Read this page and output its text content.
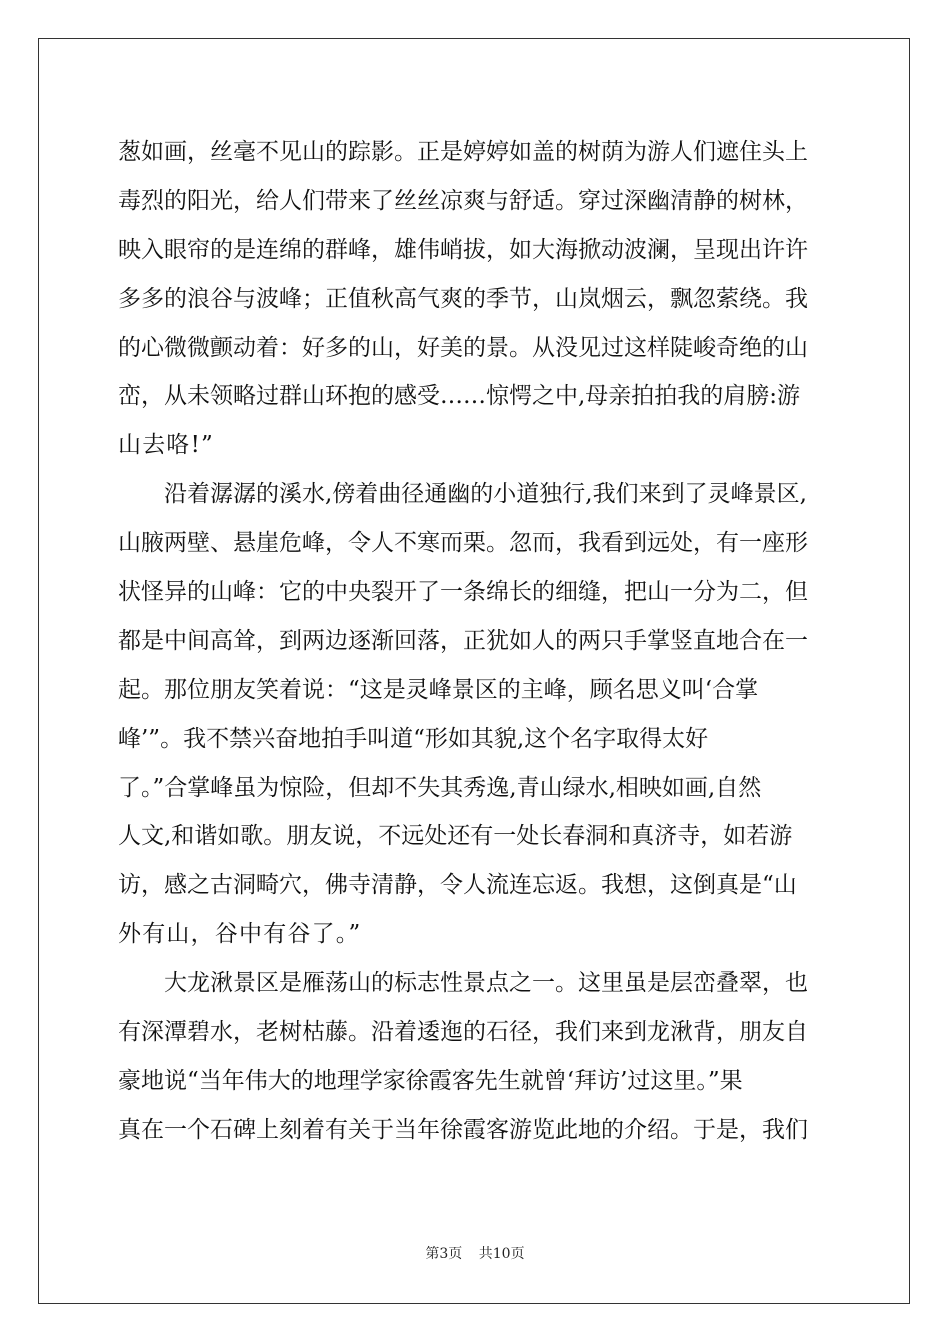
葱如画，丝毫不见山的踪影。正是婷婷如盖的树荫为游人们遮住头上
毒烈的阳光，给人们带来了丝丝凉爽与舒适。穿过深幽清静的树林，
映入眼帘的是连绵的群峰，雄伟峭拔，如大海掀动波澜，呈现出许许
多多的浪谷与波峰；正值秋高气爽的季节，山岚烟云，飘忽萦绕。我
的心微微颤动着：好多的山，好美的景。从没见过这样陡峻奇绝的山
峦，从未领略过群山环抱的感受……惊愕之中,母亲拍拍我的肩膀:游
山去咯!”
沿着潺潺的溪水,傍着曲径通幽的小道独行,我们来到了灵峰景区,
山腋两壁、悬崖危峰，令人不寒而栗。忽而，我看到远处，有一座形
状怪异的山峰：它的中央裂开了一条绵长的细缝，把山一分为二，但
都是中间高耸，到两边逐渐回落，正犹如人的两只手掌竖直地合在一
起。那位朋友笑着说：“这是灵峰景区的主峰，顾名思义叫‘合掌
峰’”。我不禁兴奋地拍手叫道“形如其貌,这个名字取得太好
了。”合掌峰虽为惊险，但却不失其秀逸,青山绿水,相映如画,自然
人文,和谐如歌。朋友说，不远处还有一处长春洞和真济寺，如若游
访，感之古洞畸穴，佛寺清静，令人流连忘返。我想，这倒真是“山
外有山，谷中有谷了。”
大龙湫景区是雁荡山的标志性景点之一。这里虽是层峦叠翠，也
有深潭碧水，老树枯藤。沿着逶迤的石径，我们来到龙湫背，朋友自
豪地说“当年伟大的地理学家徐霞客先生就曾‘拜访’过这里。”果
真在一个石碑上刻着有关于当年徐霞客游览此地的介绍。于是，我们
第3页 共10页
